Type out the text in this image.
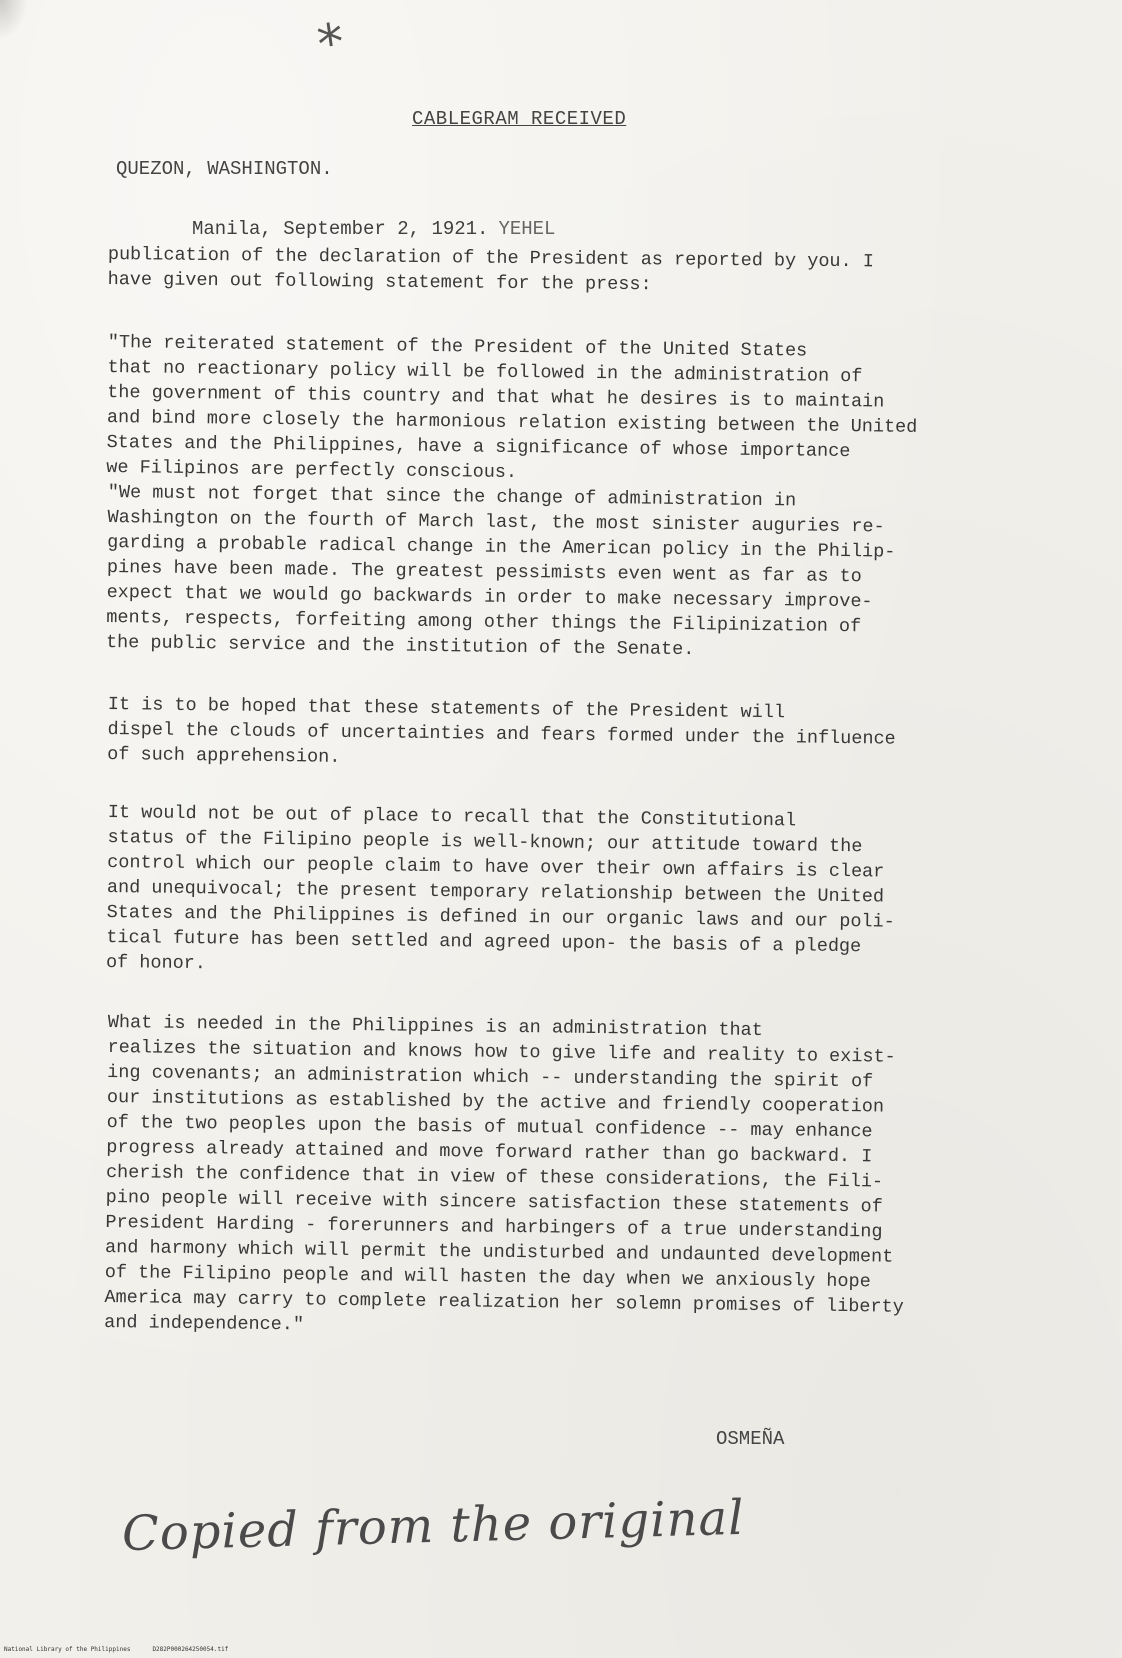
*
CABLEGRAM RECEIVED
QUEZON, WASHINGTON.
Manila, September 2, 1921. YEHEL
publication of the declaration of the President as reported by you. I
have given out following statement for the press:
"The reiterated statement of the President of the United States
that no reactionary policy will be followed in the administration of
the government of this country and that what he desires is to maintain
and bind more closely the harmonious relation existing between the United
States and the Philippines, have a significance of whose importance
we Filipinos are perfectly conscious.
"We must not forget that since the change of administration in
Washington on the fourth of March last, the most sinister auguries re-
garding a probable radical change in the American policy in the Philip-
pines have been made. The greatest pessimists even went as far as to
expect that we would go backwards in order to make necessary improve-
ments, respects, forfeiting among other things the Filipinization of
the public service and the institution of the Senate.
It is to be hoped that these statements of the President will
dispel the clouds of uncertainties and fears formed under the influence
of such apprehension.
It would not be out of place to recall that the Constitutional
status of the Filipino people is well-known; our attitude toward the
control which our people claim to have over their own affairs is clear
and unequivocal; the present temporary relationship between the United
States and the Philippines is defined in our organic laws and our poli-
tical future has been settled and agreed upon- the basis of a pledge
of honor.
What is needed in the Philippines is an administration that
realizes the situation and knows how to give life and reality to exist-
ing covenants; an administration which -- understanding the spirit of
our institutions as established by the active and friendly cooperation
of the two peoples upon the basis of mutual confidence -- may enhance
progress already attained and move forward rather than go backward. I
cherish the confidence that in view of these considerations, the Fili-
pino people will receive with sincere satisfaction these statements of
President Harding - forerunners and harbingers of a true understanding
and harmony which will permit the undisturbed and undaunted development
of the Filipino people and will hasten the day when we anxiously hope
America may carry to complete realization her solemn promises of liberty
and independence."
OSMEÑA
Copied from the original
National Library of the Philippines	D282P000264250054.tif
